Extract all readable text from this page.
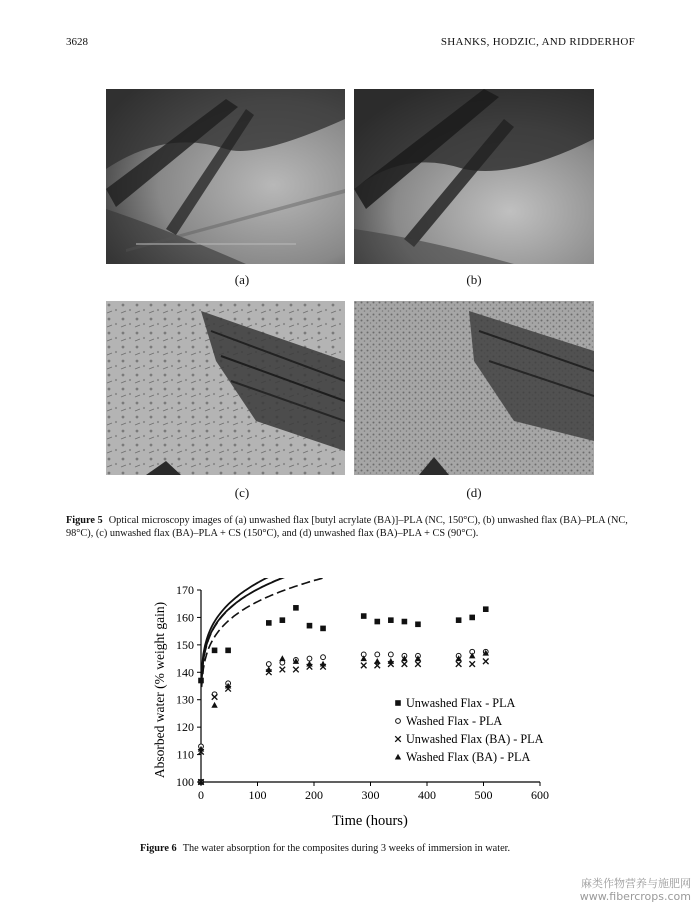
3628	SHANKS, HODZIC, AND RIDDERHOF
(a)	(b)
(c)	(d)
Figure 5 Optical microscopy images of (a) unwashed flax [butyl acrylate (BA)]–PLA (NC, 150°C), (b) unwashed flax (BA)–PLA (NC, 98°C), (c) unwashed flax (BA)–PLA + CS (150°C), and (d) unwashed flax (BA)–PLA + CS (90°C).
100
110
120
130
140
150
160
170
0	100	200	300	400	500	600
Unwashed Flax - PLA
Washed Flax - PLA
Unwashed Flax (BA) - PLA
Washed Flax (BA) - PLA
Time (hours)
Absorbed water (% weight gain)
Figure 6 The water absorption for the composites during 3 weeks of immersion in water.
麻类作物营养与施肥网
www.fibercrops.com
